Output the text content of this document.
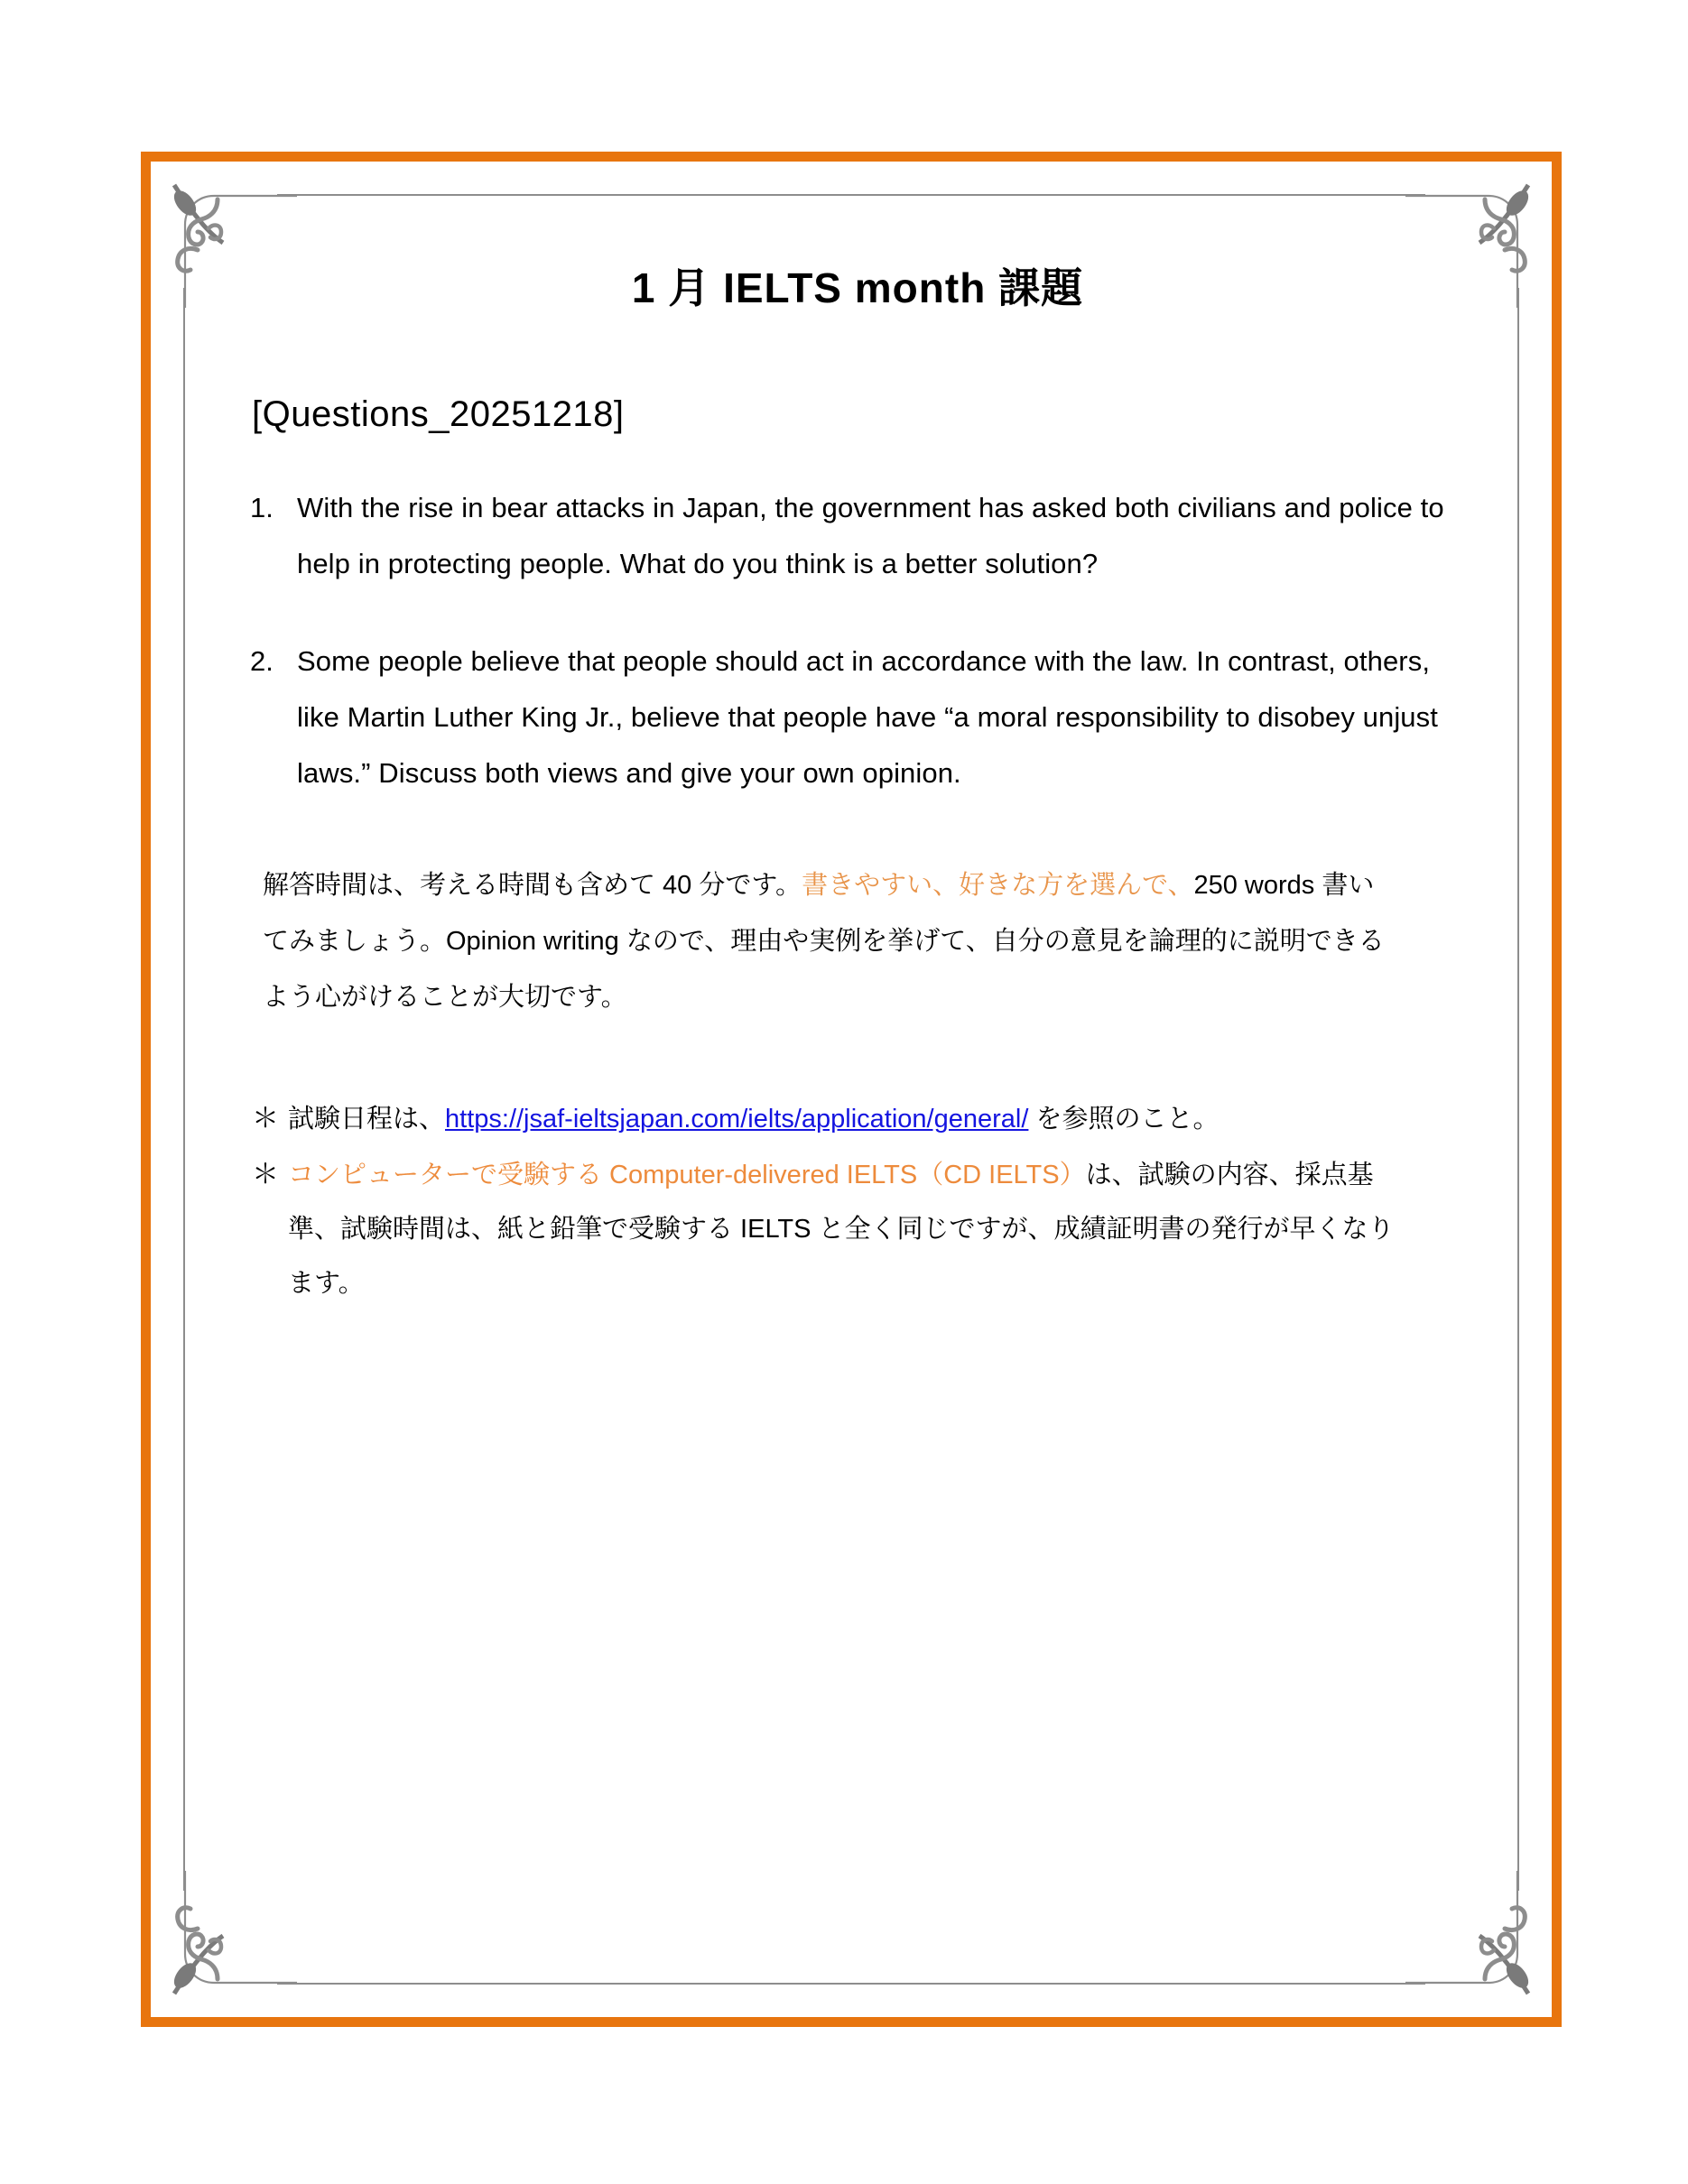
1 月 IELTS month 課題
[Questions_20251218]
1. With the rise in bear attacks in Japan, the government has asked both civilians and police to help in protecting people. What do you think is a better solution?
2. Some people believe that people should act in accordance with the law. In contrast, others, like Martin Luther King Jr., believe that people have “a moral responsibility to disobey unjust laws.” Discuss both views and give your own opinion.

解答時間は、考える時間も含めて 40 分です。書きやすい、好きな方を選んで、250 words 書いてみましょう。Opinion writing なので、理由や実例を挙げて、自分の意見を論理的に説明できるよう心がけることが大切です。

＊ 試験日程は、https://jsaf-ieltsjapan.com/ielts/application/general/ を参照のこと。
＊ コンピューターで受験する Computer-delivered IELTS（CD IELTS）は、試験の内容、採点基準、試験時間は、紙と鉛筆で受験する IELTS と全く同じですが、成績証明書の発行が早くなります。
